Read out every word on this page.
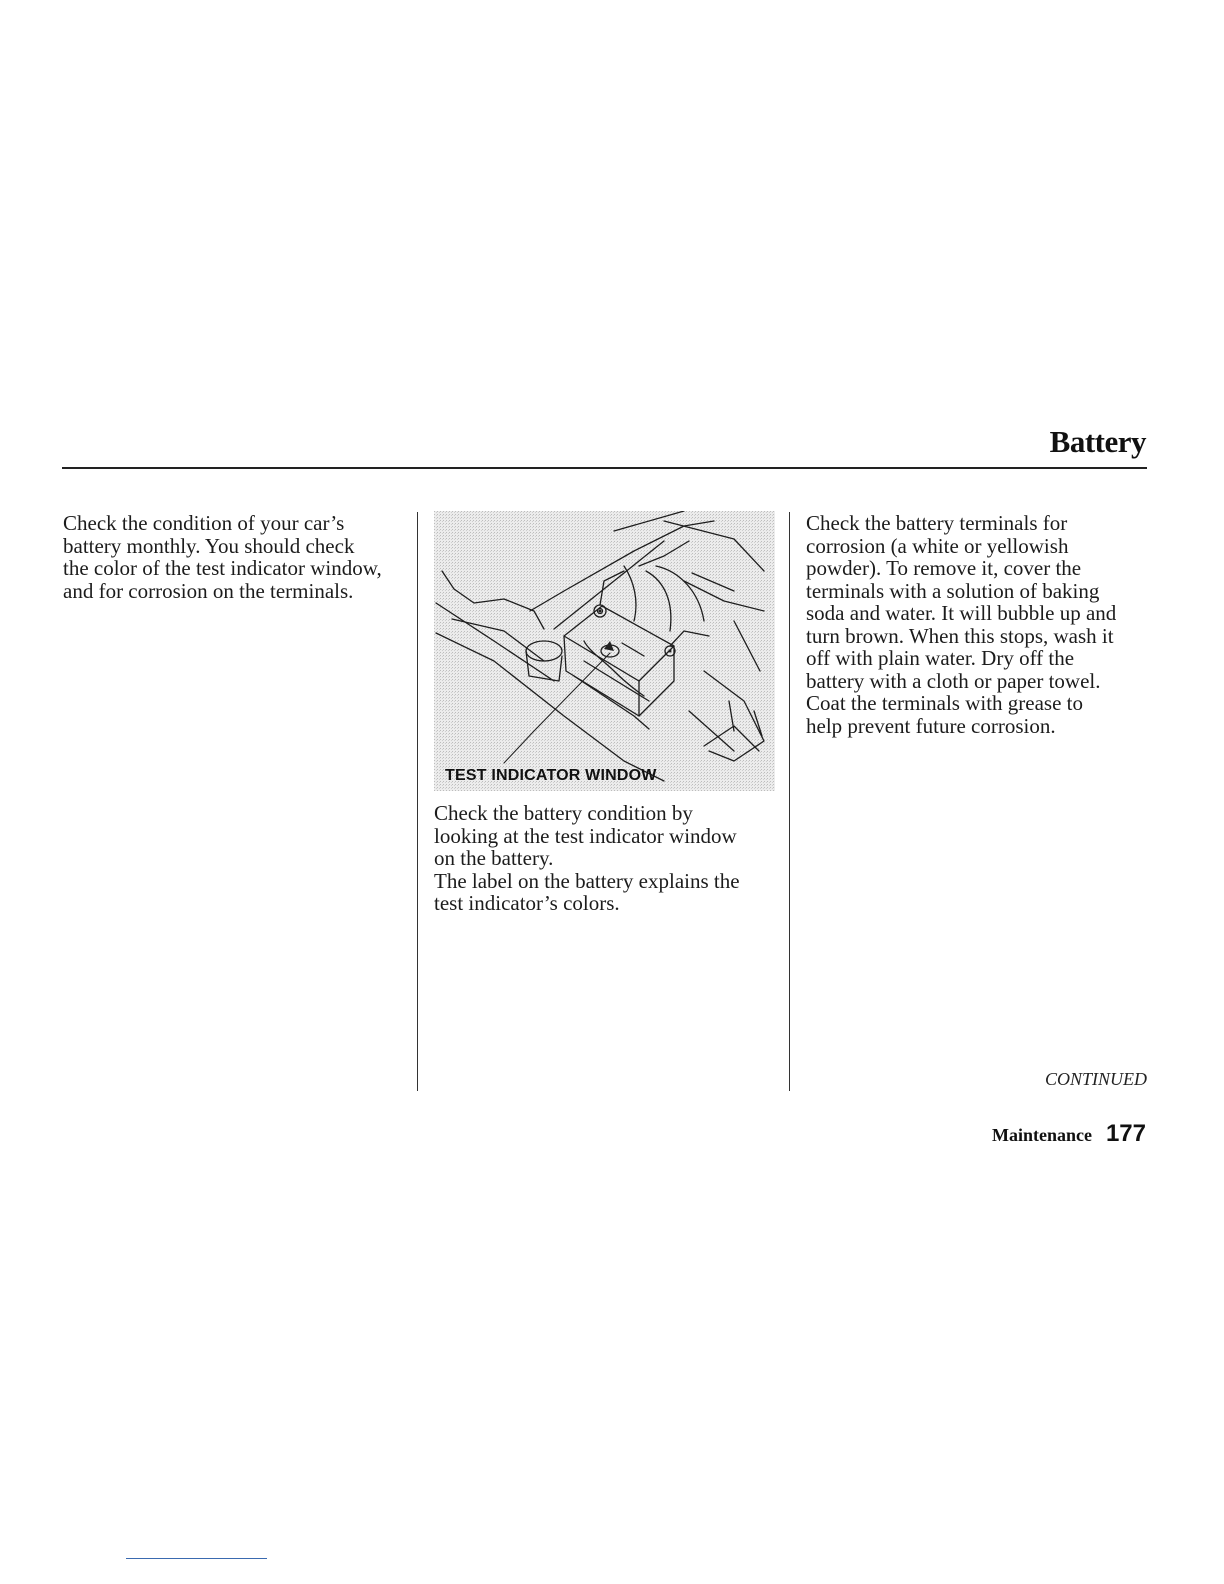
Battery

Check the condition of your car’s
battery monthly. You should check
the color of the test indicator window,
and for corrosion on the terminals.

TEST INDICATOR WINDOW

Check the battery condition by
looking at the test indicator window
on the battery.
The label on the battery explains the
test indicator’s colors.

Check the battery terminals for
corrosion (a white or yellowish
powder). To remove it, cover the
terminals with a solution of baking
soda and water. It will bubble up and
turn brown. When this stops, wash it
off with plain water. Dry off the
battery with a cloth or paper towel.
Coat the terminals with grease to
help prevent future corrosion.

CONTINUED
Maintenance 177
